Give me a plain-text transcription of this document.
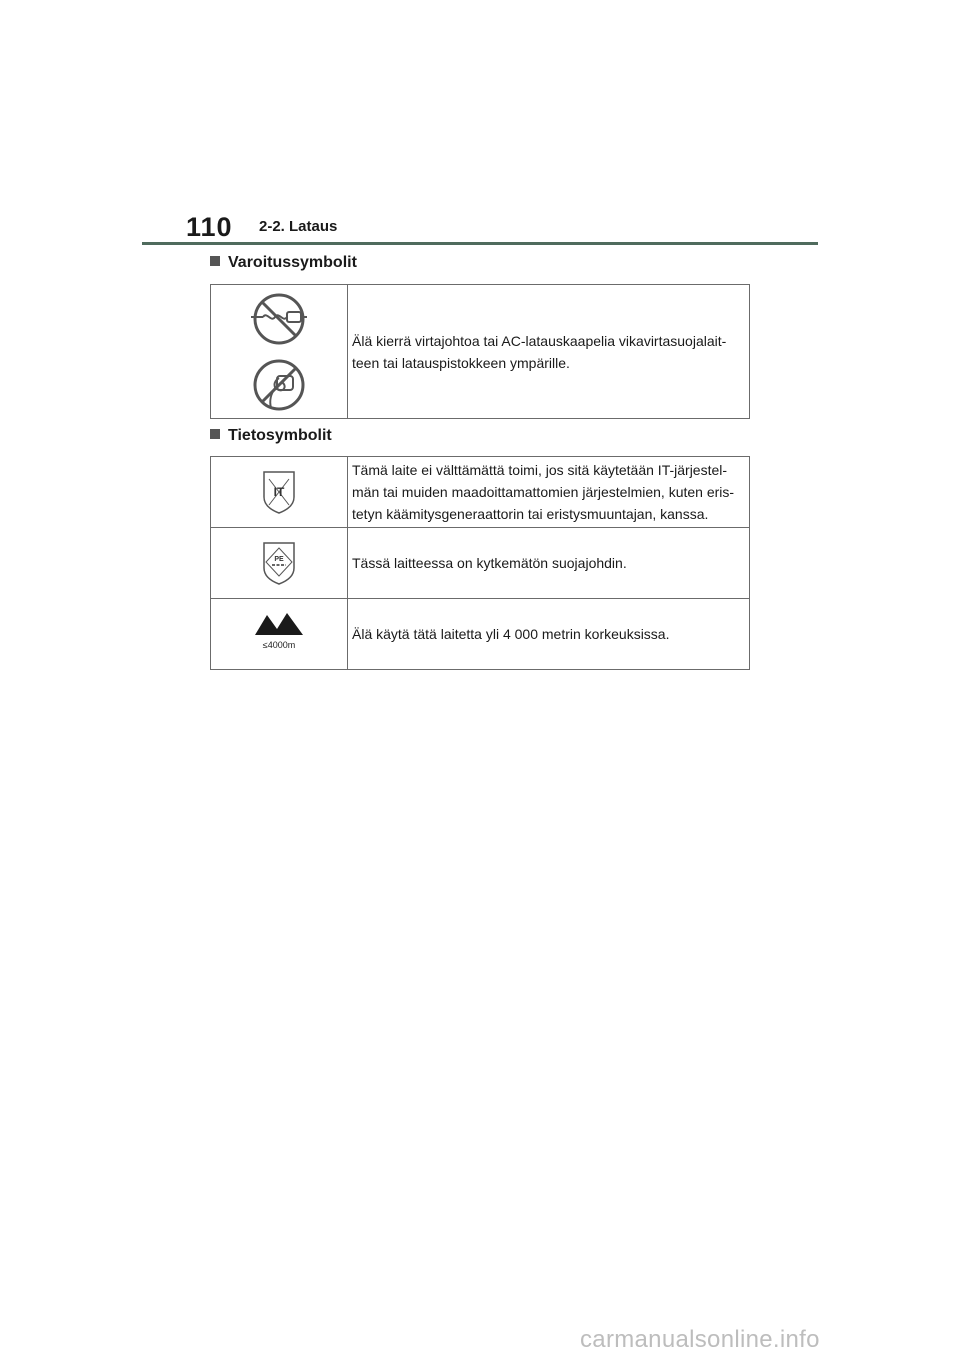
110 2-2. Lataus
Varoitussymbolit
	Älä kierrä virtajohtoa tai AC-latauskaapelia vikavirtasuojalait- teen tai latauspistokkeen ympärille.
Tietosymbolit
IT	Tämä laite ei välttämättä toimi, jos sitä käytetään IT-järjestel- män tai muiden maadoittamattomien järjestelmien, kuten eris- tetyn käämitysgeneraattorin tai eristysmuuntajan, kanssa.

PE	Tässä laitteessa on kytkemätön suojajohdin.

≤4000m	Älä käytä tätä laitetta yli 4 000 metrin korkeuksissa.
carmanualsonline.info
